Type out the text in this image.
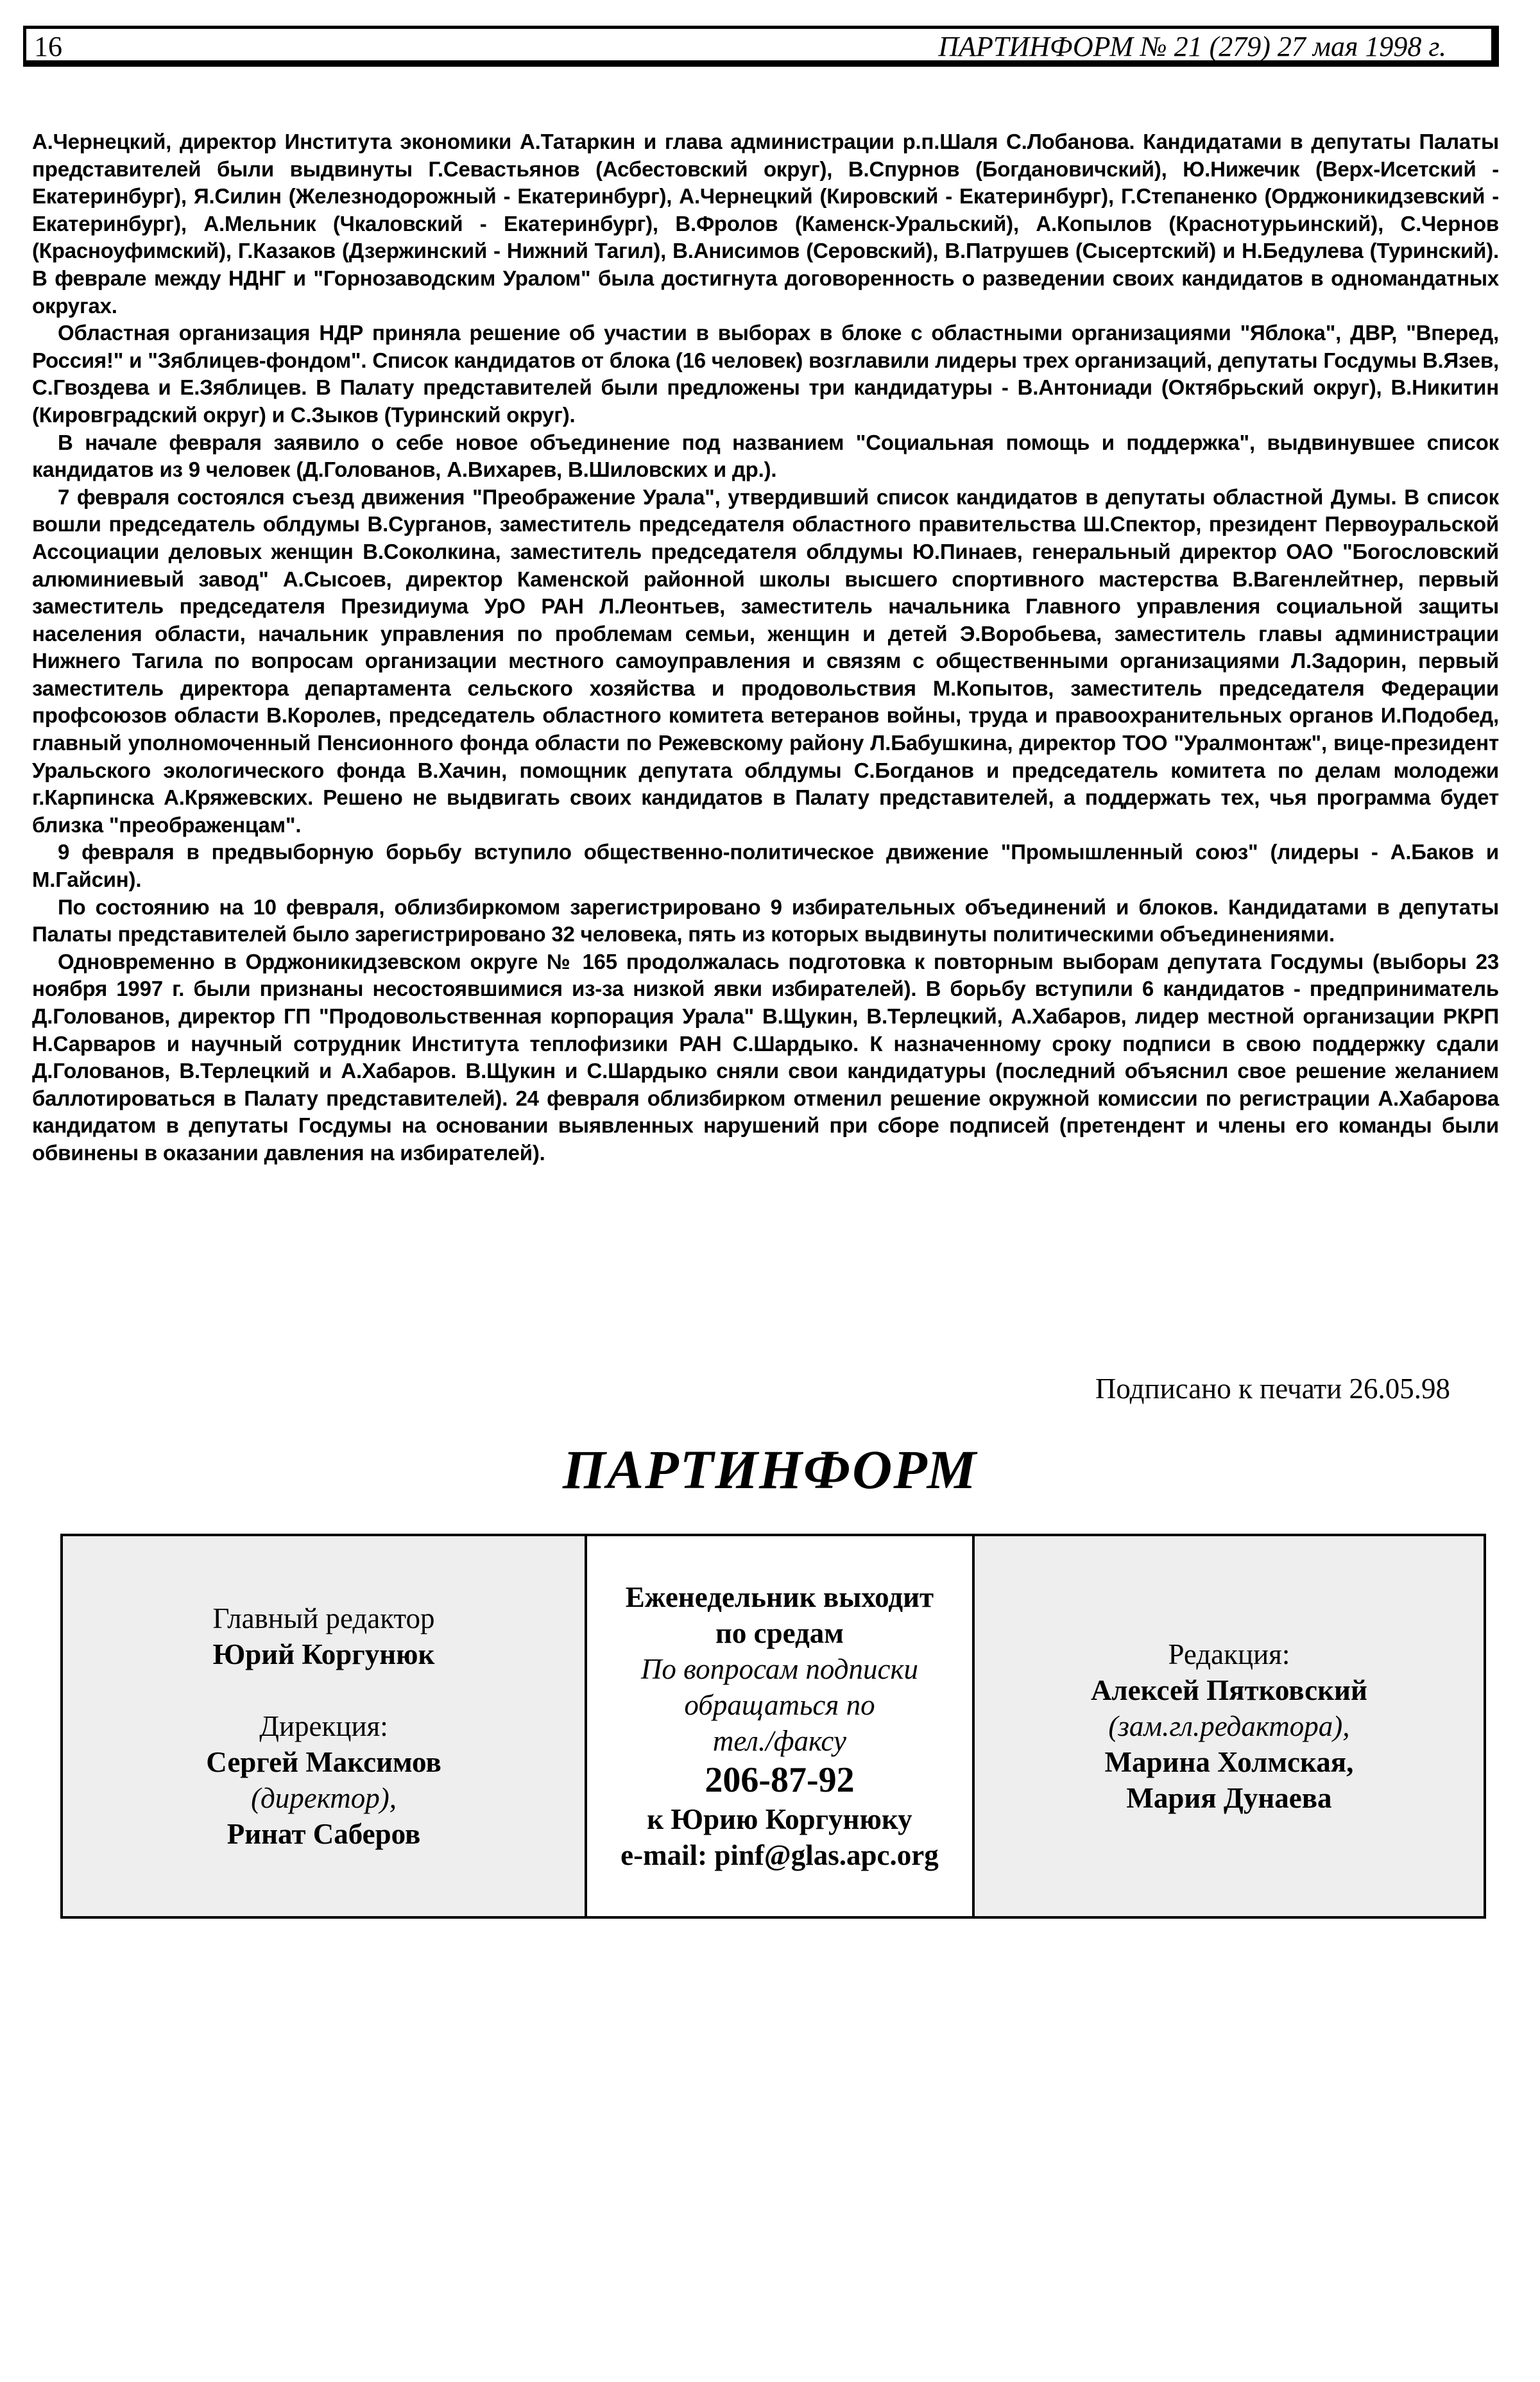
16	ПАРТИНФОРМ № 21 (279) 27 мая 1998 г.

А.Чернецкий, директор Института экономики А.Татаркин и глава администрации р.п.Шаля С.Лобанова. Кандидатами в депутаты Палаты представителей были выдвинуты Г.Севастьянов (Асбестовский округ), В.Спурнов (Богдановичский), Ю.Нижечик (Верх-Исетский - Екатеринбург), Я.Силин (Железнодорожный - Екатеринбург), А.Чернецкий (Кировский - Екатеринбург), Г.Степаненко (Орджоникидзевский - Екатеринбург), А.Мельник (Чкаловский - Екатеринбург), В.Фролов (Каменск-Уральский), А.Копылов (Краснотурьинский), С.Чернов (Красноуфимский), Г.Казаков (Дзержинский - Нижний Тагил), В.Анисимов (Серовский), В.Патрушев (Сысертский) и Н.Бедулева (Туринский). В феврале между НДНГ и "Горнозаводским Уралом" была достигнута договоренность о разведении своих кандидатов в одномандатных округах.

Областная организация НДР приняла решение об участии в выборах в блоке с областными организациями "Яблока", ДВР, "Вперед, Россия!" и "Зяблицев-фондом". Список кандидатов от блока (16 человек) возглавили лидеры трех организаций, депутаты Госдумы В.Язев, С.Гвоздева и Е.Зяблицев. В Палату представителей были предложены три кандидатуры - В.Антониади (Октябрьский округ), В.Никитин (Кировградский округ) и С.Зыков (Туринский округ).

В начале февраля заявило о себе новое объединение под названием "Социальная помощь и поддержка", выдвинувшее список кандидатов из 9 человек (Д.Голованов, А.Вихарев, В.Шиловских и др.).

7 февраля состоялся съезд движения "Преображение Урала", утвердивший список кандидатов в депутаты областной Думы. В список вошли председатель облдумы В.Сурганов, заместитель председателя областного правительства Ш.Спектор, президент Первоуральской Ассоциации деловых женщин В.Соколкина, заместитель председателя облдумы Ю.Пинаев, генеральный директор ОАО "Богословский алюминиевый завод" А.Сысоев, директор Каменской районной школы высшего спортивного мастерства В.Вагенлейтнер, первый заместитель председателя Президиума УрО РАН Л.Леонтьев, заместитель начальника Главного управления социальной защиты населения области, начальник управления по проблемам семьи, женщин и детей Э.Воробьева, заместитель главы администрации Нижнего Тагила по вопросам организации местного самоуправления и связям с общественными организациями Л.Задорин, первый заместитель директора департамента сельского хозяйства и продовольствия М.Копытов, заместитель председателя Федерации профсоюзов области В.Королев, председатель областного комитета ветеранов войны, труда и правоохранительных органов И.Подобед, главный уполномоченный Пенсионного фонда области по Режевскому району Л.Бабушкина, директор ТОО "Уралмонтаж", вице-президент Уральского экологического фонда В.Хачин, помощник депутата облдумы С.Богданов и председатель комитета по делам молодежи г.Карпинска А.Кряжевских. Решено не выдвигать своих кандидатов в Палату представителей, а поддержать тех, чья программа будет близка "преображенцам".

9 февраля в предвыборную борьбу вступило общественно-политическое движение "Промышленный союз" (лидеры - А.Баков и М.Гайсин).

По состоянию на 10 февраля, облизбиркомом зарегистрировано 9 избирательных объединений и блоков. Кандидатами в депутаты Палаты представителей было зарегистрировано 32 человека, пять из которых выдвинуты политическими объединениями.

Одновременно в Орджоникидзевском округе № 165 продолжалась подготовка к повторным выборам депутата Госдумы (выборы 23 ноября 1997 г. были признаны несостоявшимися из-за низкой явки избирателей). В борьбу вступили 6 кандидатов - предприниматель Д.Голованов, директор ГП "Продовольственная корпорация Урала" В.Щукин, В.Терлецкий, А.Хабаров, лидер местной организации РКРП Н.Сарваров и научный сотрудник Института теплофизики РАН С.Шардыко. К назначенному сроку подписи в свою поддержку сдали Д.Голованов, В.Терлецкий и А.Хабаров. В.Щукин и С.Шардыко сняли свои кандидатуры (последний объяснил свое решение желанием баллотироваться в Палату представителей). 24 февраля облизбирком отменил решение окружной комиссии по регистрации А.Хабарова кандидатом в депутаты Госдумы на основании выявленных нарушений при сборе подписей (претендент и члены его команды были обвинены в оказании давления на избирателей).

Подписано к печати 26.05.98
ПАРТИНФОРМ
Главный редактор
Юрий Коргунюк
Дирекция:
Сергей Максимов
(директор),
Ринат Саберов
Еженедельник выходит
по средам
По вопросам подписки
обращаться по
тел./факсу
206-87-92
к Юрию Коргунюку
e-mail: pinf@glas.apc.org
Редакция:
Алексей Пятковский
(зам.гл.редактора),
Марина Холмская,
Мария Дунаева
